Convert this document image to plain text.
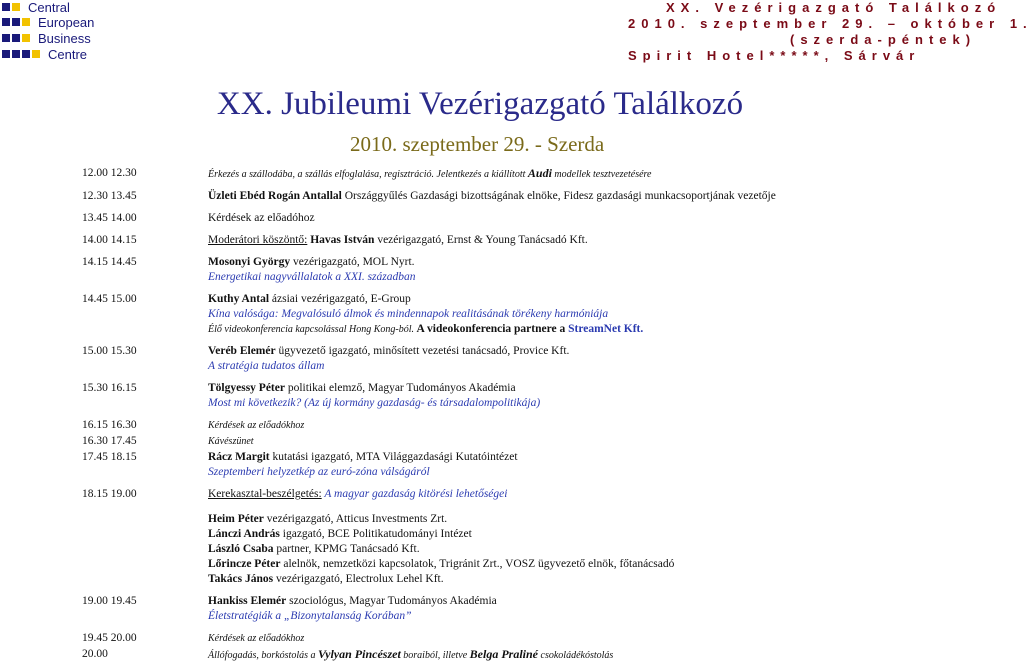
Central
European
Business
Centre
XX. Vezérigazgató Találkozó
2010. szeptember 29. – október 1.
(szerda-péntek)
Spirit Hotel*****, Sárvár
XX. Jubileumi Vezérigazgató Találkozó
2010. szeptember 29. - Szerda
12.00 12.30	Érkezés a szállodába, a szállás elfoglalása, regisztráció. Jelentkezés a kiállított Audi modellek tesztvezetésére
12.30 13.45	Üzleti Ebéd Rogán Antallal Országgyűlés Gazdasági bizottságának elnöke, Fidesz gazdasági munkacsoportjának vezetője
13.45 14.00	Kérdések az előadóhoz
14.00 14.15	Moderátori köszöntő: Havas István vezérigazgató, Ernst & Young Tanácsadó Kft.
14.15 14.45	Mosonyi György vezérigazgató, MOL Nyrt.
Energetikai nagyvállalatok a XXI. században
14.45 15.00	Kuthy Antal ázsiai vezérigazgató, E-Group
Kína valósága: Megvalósuló álmok és mindennapok realitásának törékeny harmóniája
Élő videokonferencia kapcsolással Hong Kong-ból. A videokonferencia partnere a StreamNet Kft.
15.00 15.30	Veréb Elemér ügyvezető igazgató, minősített vezetési tanácsadó, Provice Kft.
A stratégia tudatos állam
15.30 16.15	Tölgyessy Péter politikai elemző, Magyar Tudományos Akadémia
Most mi következik? (Az új kormány gazdaság- és társadalompolitikája)
16.15 16.30	Kérdések az előadókhoz
16.30 17.45	Kávészünet
17.45 18.15	Rácz Margit kutatási igazgató, MTA Világgazdasági Kutatóintézet
Szeptemberi helyzetkép az euró-zóna válságáról
18.15 19.00	Kerekasztal-beszélgetés: A magyar gazdaság kitörési lehetőségei
Heim Péter vezérigazgató, Atticus Investments Zrt.
Lánczi András igazgató, BCE Politikatudományi Intézet
László Csaba partner, KPMG Tanácsadó Kft.
Lőrincze Péter alelnök, nemzetközi kapcsolatok, Trigránit Zrt., VOSZ ügyvezető elnök, főtanácsadó
Takács János vezérigazgató, Electrolux Lehel Kft.
19.00 19.45	Hankiss Elemér szociológus, Magyar Tudományos Akadémia
Életstratégiák a „Bizonytalanság Korában”
19.45 20.00	Kérdések az előadókhoz
20.00	Állófogadás, borkóstolás a Vylyan Pincészet boraiból, illetve Belga Praliné csokoládékóstolás
